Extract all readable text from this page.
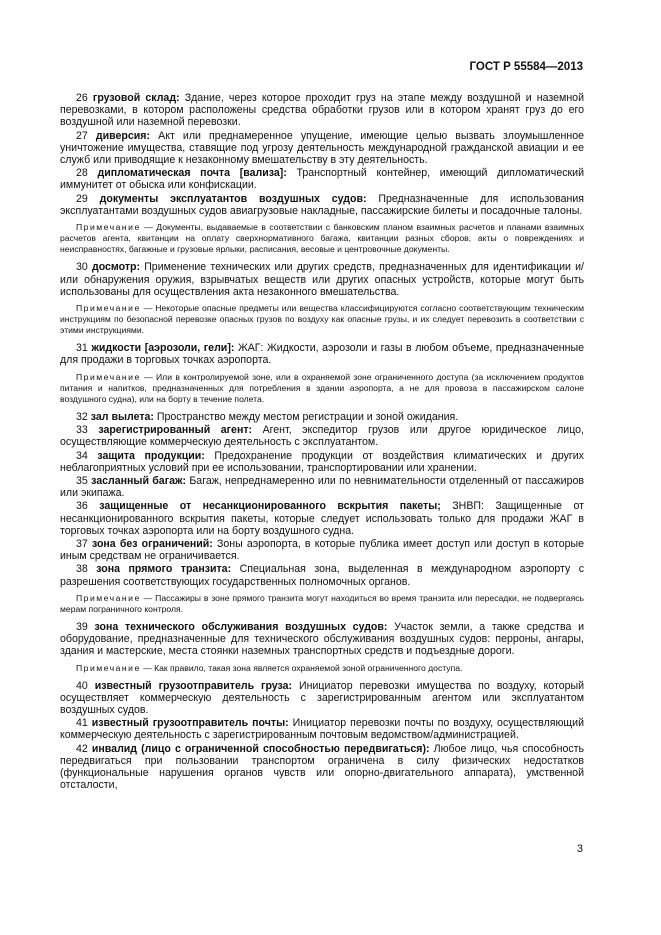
ГОСТ Р 55584—2013

26 грузовой склад: Здание, через которое проходит груз на этапе между воздушной и наземной перевозками, в котором расположены средства обработки грузов или в котором хранят груз до его воздушной или наземной перевозки.

27 диверсия: Акт или преднамеренное упущение, имеющие целью вызвать злоумышленное уничтожение имущества, ставящие под угрозу деятельность международной гражданской авиации и ее служб или приводящие к незаконному вмешательству в эту деятельность.

28 дипломатическая почта [вализа]: Транспортный контейнер, имеющий дипломатический иммунитет от обыска или конфискации.

29 документы эксплуатантов воздушных судов: Предназначенные для использования эксплуатантами воздушных судов авиагрузовые накладные, пассажирские билеты и посадочные талоны.

Примечание — Документы, выдаваемые в соответствии с банковским планом взаимных расчетов и планами взаимных расчетов агента, квитанции на оплату сверхнормативного багажа, квитанции разных сборов, акты о повреждениях и неисправностях, багажные и грузовые ярлыки, расписания, весовые и центровочные документы.

30 досмотр: Применение технических или других средств, предназначенных для идентификации и/или обнаружения оружия, взрывчатых веществ или других опасных устройств, которые могут быть использованы для осуществления акта незаконного вмешательства.

Примечание — Некоторые опасные предметы или вещества классифицируются согласно соответствующим техническим инструкциям по безопасной перевозке опасных грузов по воздуху как опасные грузы, и их следует перевозить в соответствии с этими инструкциями.

31 жидкости [аэрозоли, гели]: ЖАГ: Жидкости, аэрозоли и газы в любом объеме, предназначенные для продажи в торговых точках аэропорта.

Примечание — Или в контролируемой зоне, или в охраняемой зоне ограниченного доступа (за исключением продуктов питания и напитков, предназначенных для потребления в здании аэропорта, а не для провоза в пассажирском салоне воздушного судна), или на борту в течение полета.

32 зал вылета: Пространство между местом регистрации и зоной ожидания.

33 зарегистрированный агент: Агент, экспедитор грузов или другое юридическое лицо, осуществляющие коммерческую деятельность с эксплуатантом.

34 защита продукции: Предохранение продукции от воздействия климатических и других неблагоприятных условий при ее использовании, транспортировании или хранении.

35 засланный багаж: Багаж, непреднамеренно или по невнимательности отделенный от пассажиров или экипажа.

36 защищенные от несанкционированного вскрытия пакеты; ЗНВП: Защищенные от несанкционированного вскрытия пакеты, которые следует использовать только для продажи ЖАГ в торговых точках аэропорта или на борту воздушного судна.

37 зона без ограничений: Зоны аэропорта, в которые публика имеет доступ или доступ в которые иным средствам не ограничивается.

38 зона прямого транзита: Специальная зона, выделенная в международном аэропорту с разрешения соответствующих государственных полномочных органов.

Примечание — Пассажиры в зоне прямого транзита могут находиться во время транзита или пересадки, не подвергаясь мерам пограничного контроля.

39 зона технического обслуживания воздушных судов: Участок земли, а также средства и оборудование, предназначенные для технического обслуживания воздушных судов: перроны, ангары, здания и мастерские, места стоянки наземных транспортных средств и подъездные дороги.

Примечание — Как правило, такая зона является охраняемой зоной ограниченного доступа.

40 известный грузоотправитель груза: Инициатор перевозки имущества по воздуху, который осуществляет коммерческую деятельность с зарегистрированным агентом или эксплуатантом воздушных судов.

41 известный грузоотправитель почты: Инициатор перевозки почты по воздуху, осуществляющий коммерческую деятельность с зарегистрированным почтовым ведомством/администрацией.

42 инвалид (лицо с ограниченной способностью передвигаться): Любое лицо, чья способность передвигаться при пользовании транспортом ограничена в силу физических недостатков (функциональные нарушения органов чувств или опорно-двигательного аппарата), умственной отсталости,

3
